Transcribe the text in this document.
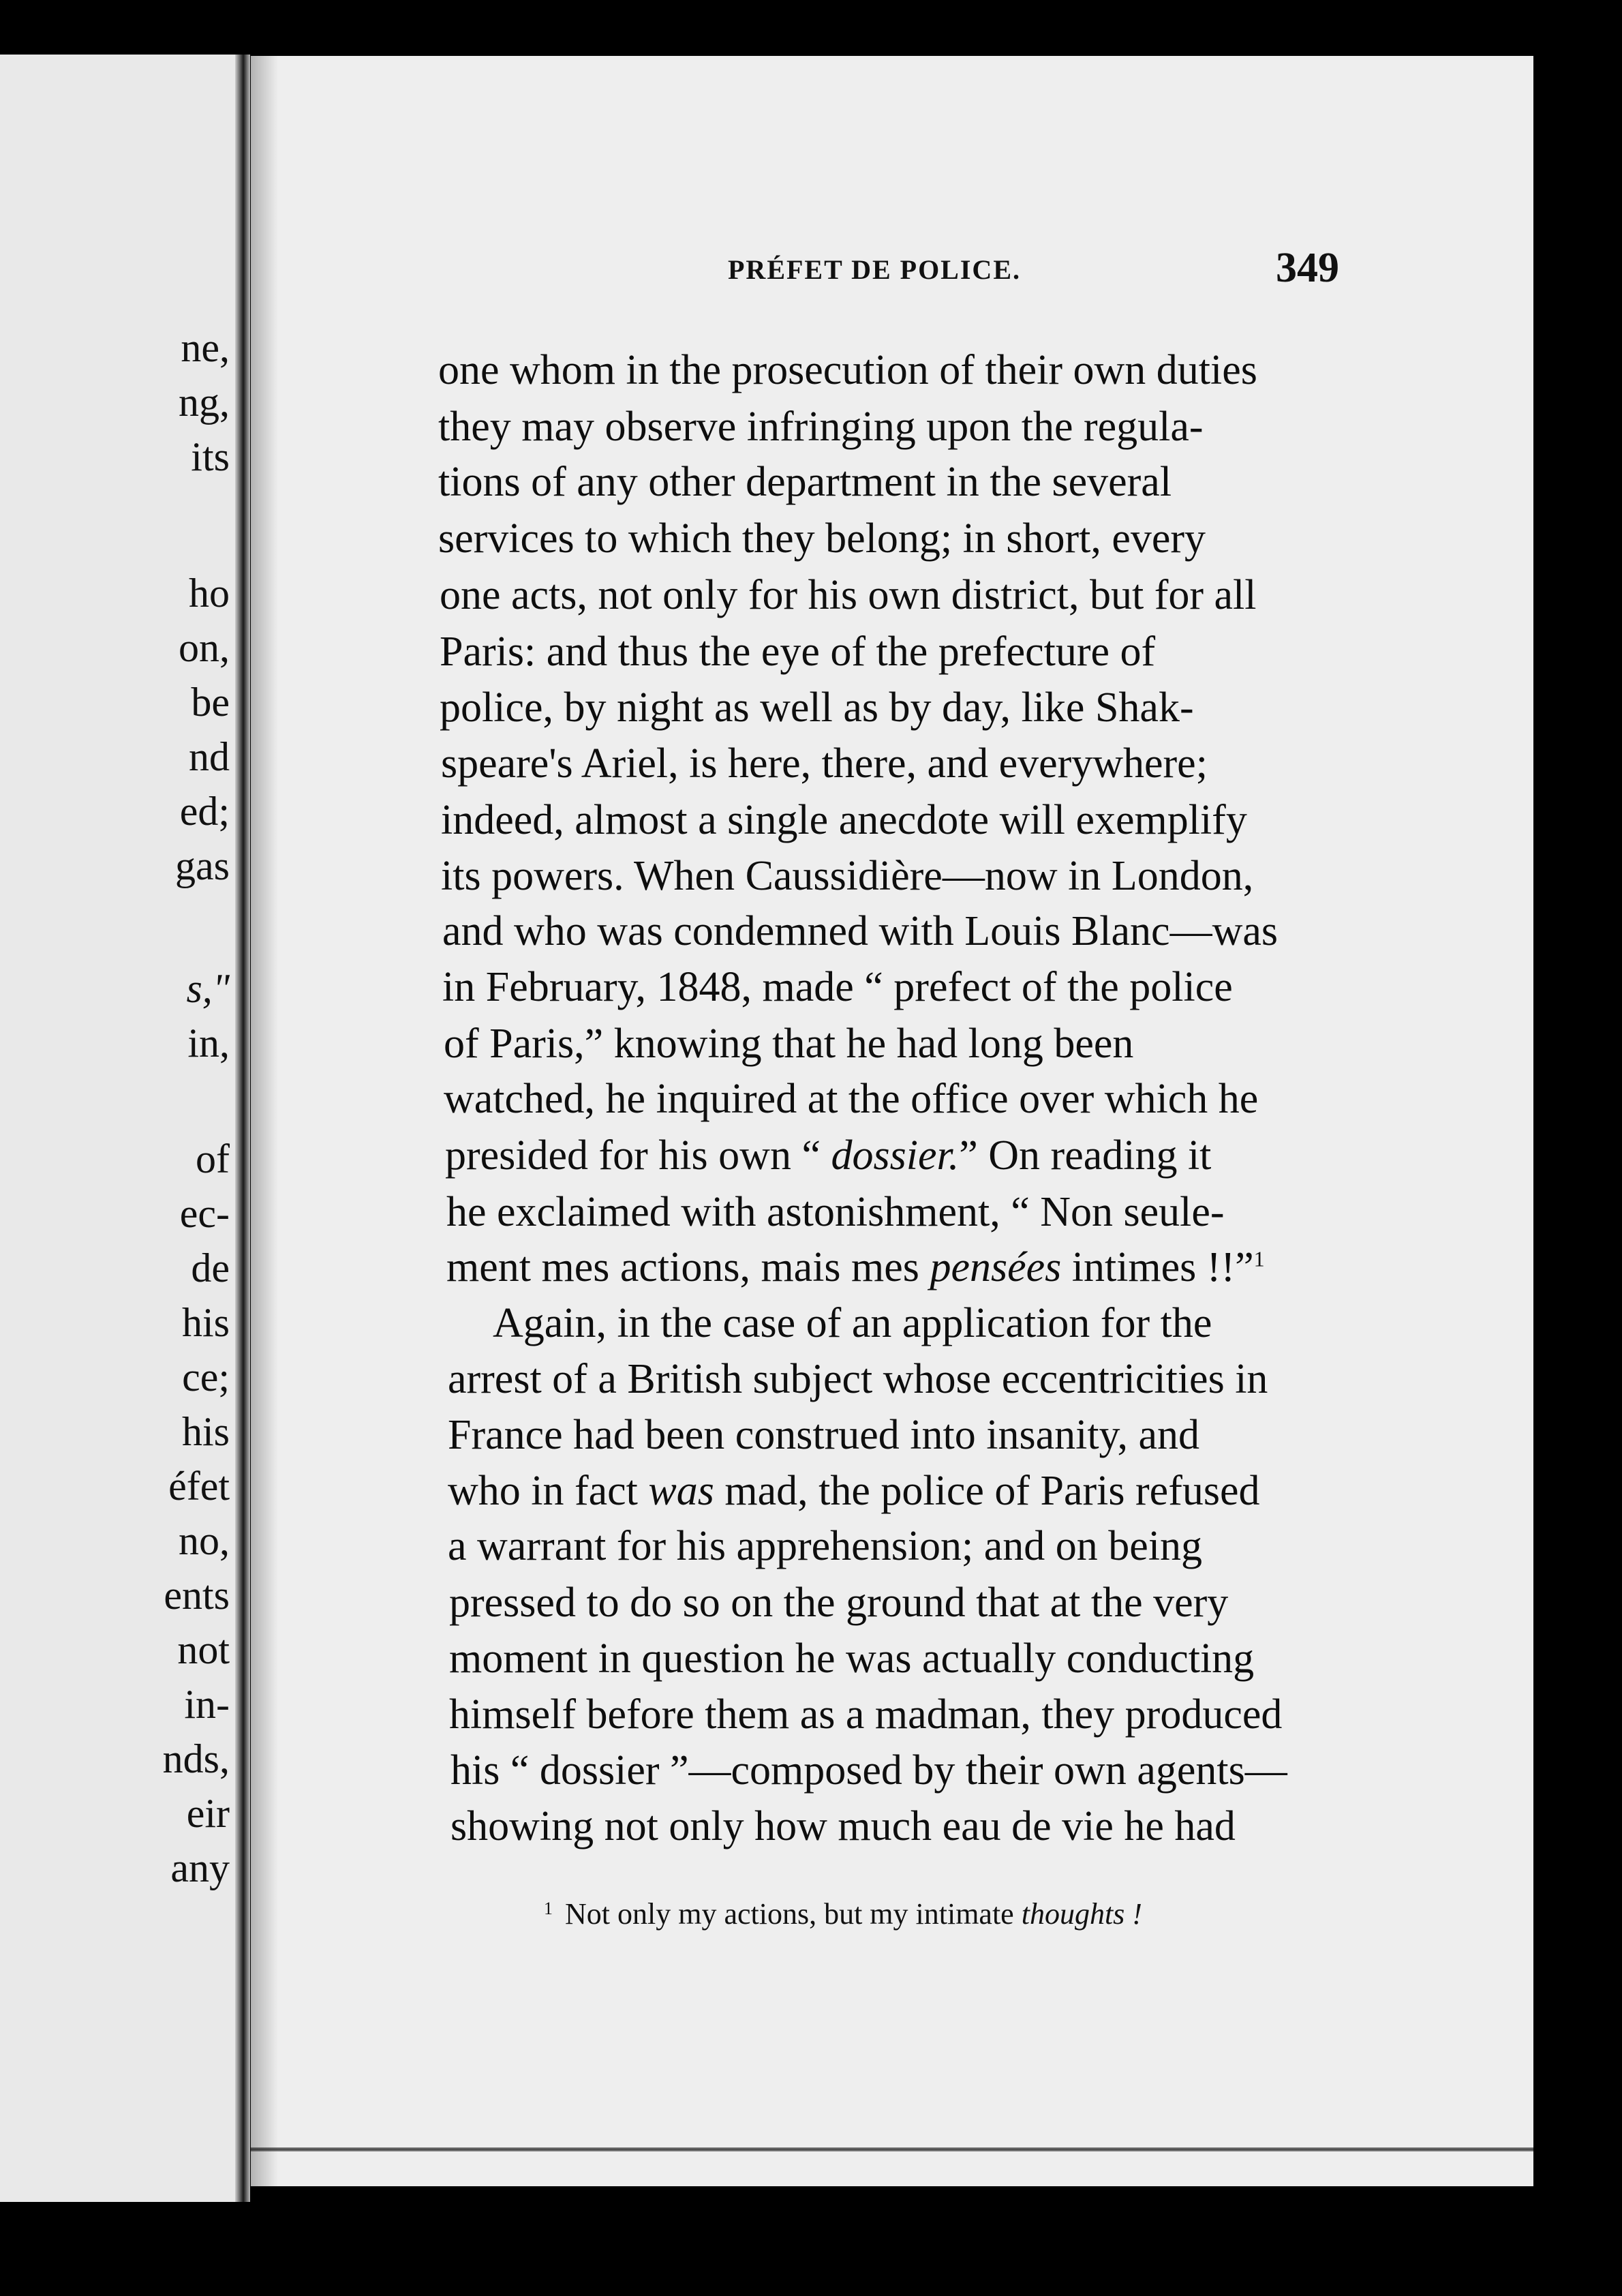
ne,
ng,
its
ho
on,
be
nd
ed;
gas
s,"
in,
of
ec-
de
his
ce;
his
éfet
no,
ents
not
in-
nds,
eir
any
PRÉFET DE POLICE.	349
one whom in the prosecution of their own duties
they may observe infringing upon the regula-
tions of any other department in the several
services to which they belong; in short, every
one acts, not only for his own district, but for all
Paris: and thus the eye of the prefecture of
police, by night as well as by day, like Shak-
speare's Ariel, is here, there, and everywhere;
indeed, almost a single anecdote will exemplify
its powers. When Caussidière—now in London,
and who was condemned with Louis Blanc—was
in February, 1848, made “ prefect of the police
of Paris,” knowing that he had long been
watched, he inquired at the office over which he
presided for his own “ dossier.” On reading it
he exclaimed with astonishment, “ Non seule-
ment mes actions, mais mes pensées intimes !!”$^1$
Again, in the case of an application for the
arrest of a British subject whose eccentricities in
France had been construed into insanity, and
who in fact was mad, the police of Paris refused
a warrant for his apprehension; and on being
pressed to do so on the ground that at the very
moment in question he was actually conducting
himself before them as a madman, they produced
his “ dossier ”—composed by their own agents—
showing not only how much eau de vie he had
$^1$ Not only my actions, but my intimate thoughts !
